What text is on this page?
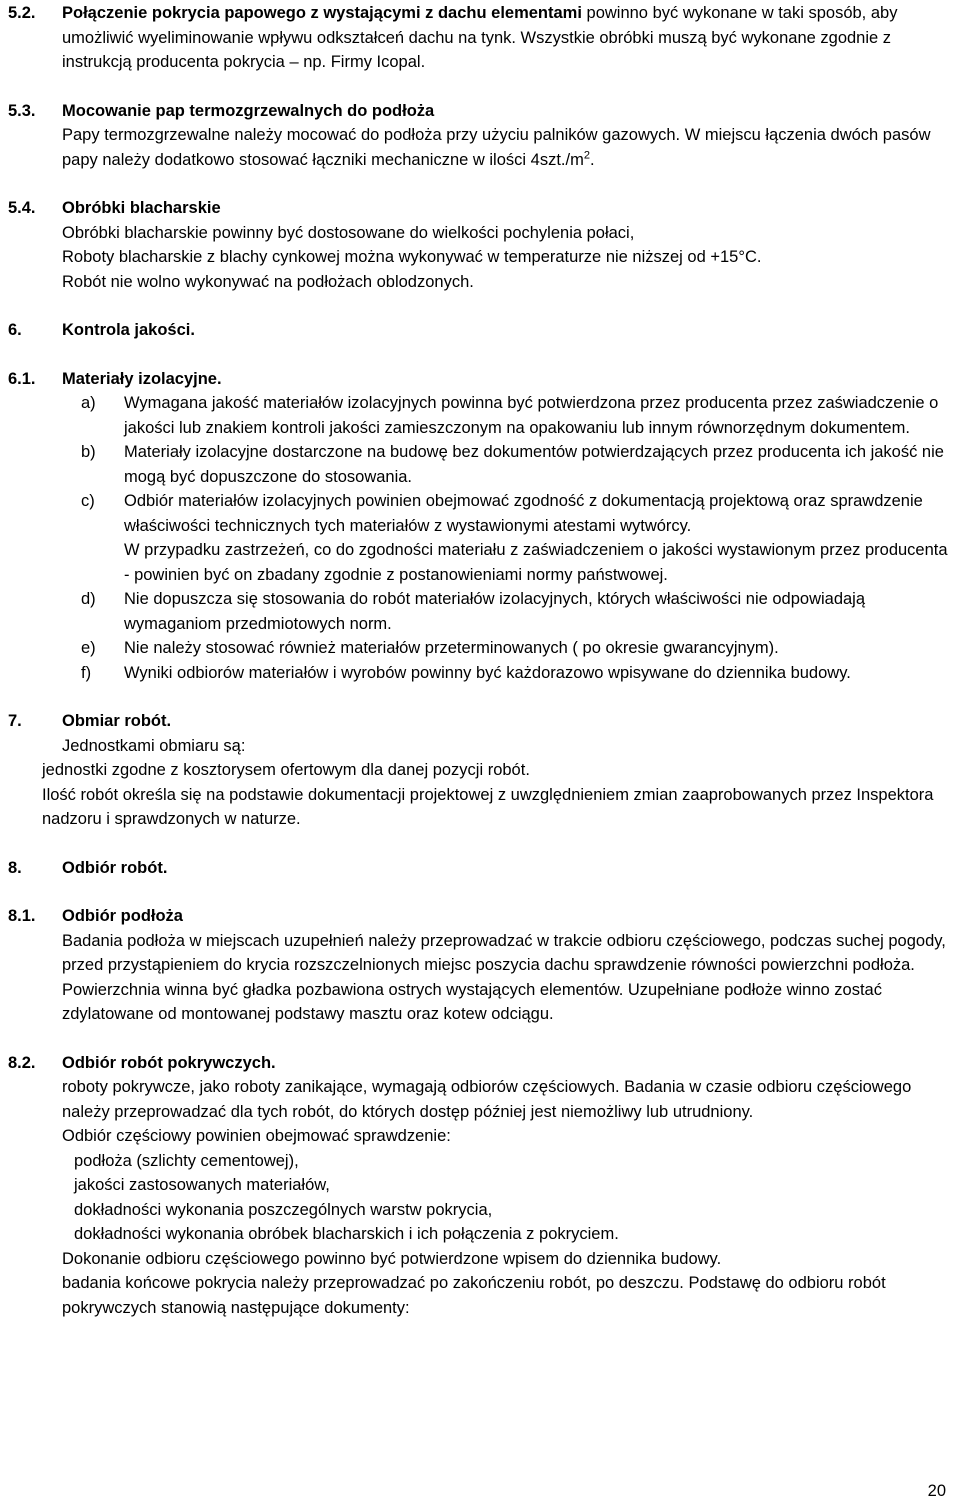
5.2. Połączenie pokrycia papowego z wystającymi z dachu elementami powinno być wykonane w taki sposób, aby umożliwić wyeliminowanie wpływu odkształceń dachu na tynk. Wszystkie obróbki muszą być wykonane zgodnie z instrukcją producenta pokrycia – np. Firmy Icopal.

5.3. Mocowanie pap termozgrzewalnych do podłoża

Papy termozgrzewalne należy mocować do podłoża przy użyciu palników gazowych. W miejscu łączenia dwóch pasów papy należy dodatkowo stosować łączniki mechaniczne w ilości $4szt./m^2$.

5.4. Obróbki blacharskie

Obróbki blacharskie powinny być dostosowane do wielkości pochylenia połaci,

Roboty blacharskie z blachy cynkowej można wykonywać w temperaturze nie niższej od +15°C.

Robót nie wolno wykonywać na podłożach oblodzonych.

6. Kontrola jakości.

6.1. Materiały izolacyjne.

a) Wymagana jakość materiałów izolacyjnych powinna być potwierdzona przez producenta przez zaświadczenie o jakości lub znakiem kontroli jakości zamieszczonym na opakowaniu lub innym równorzędnym dokumentem.

b) Materiały izolacyjne dostarczone na budowę bez dokumentów potwierdzających przez producenta ich jakość nie mogą być dopuszczone do stosowania.

c) Odbiór materiałów izolacyjnych powinien obejmować zgodność z dokumentacją projektową oraz sprawdzenie właściwości technicznych tych materiałów z wystawionymi atestami wytwórcy.

W przypadku zastrzeżeń, co do zgodności materiału z zaświadczeniem o jakości wystawionym przez producenta - powinien być on zbadany zgodnie z postanowieniami normy państwowej.

d) Nie dopuszcza się stosowania do robót materiałów izolacyjnych, których właściwości nie odpowiadają wymaganiom przedmiotowych norm.

e) Nie należy stosować również materiałów przeterminowanych ( po okresie gwarancyjnym).

f) Wyniki odbiorów materiałów i wyrobów powinny być każdorazowo wpisywane do dziennika budowy.

7. Obmiar robót.

Jednostkami obmiaru są:

jednostki zgodne z kosztorysem ofertowym dla danej pozycji robót.

Ilość robót określa się na podstawie dokumentacji projektowej z uwzględnieniem zmian zaaprobowanych przez Inspektora nadzoru i sprawdzonych w naturze.

8. Odbiór robót.

8.1. Odbiór podłoża

Badania podłoża w miejscach uzupełnień należy przeprowadzać w trakcie odbioru częściowego, podczas suchej pogody, przed przystąpieniem do krycia rozszczelnionych miejsc poszycia dachu sprawdzenie równości powierzchni podłoża. Powierzchnia winna być gładka pozbawiona ostrych wystających elementów. Uzupełniane podłoże winno zostać zdylatowane od montowanej podstawy masztu oraz kotew odciągu.

8.2. Odbiór robót pokrywczych.

roboty pokrywcze, jako roboty zanikające, wymagają odbiorów częściowych. Badania w czasie odbioru częściowego należy przeprowadzać dla tych robót, do których dostęp później jest niemożliwy lub utrudniony.

Odbiór częściowy powinien obejmować sprawdzenie:

podłoża (szlichty cementowej),

jakości zastosowanych materiałów,

dokładności wykonania poszczególnych warstw pokrycia,

dokładności wykonania obróbek blacharskich i ich połączenia z pokryciem.

Dokonanie odbioru częściowego powinno być potwierdzone wpisem do dziennika budowy.

badania końcowe pokrycia należy przeprowadzać po zakończeniu robót, po deszczu. Podstawę do odbioru robót pokrywczych stanowią następujące dokumenty:

20
